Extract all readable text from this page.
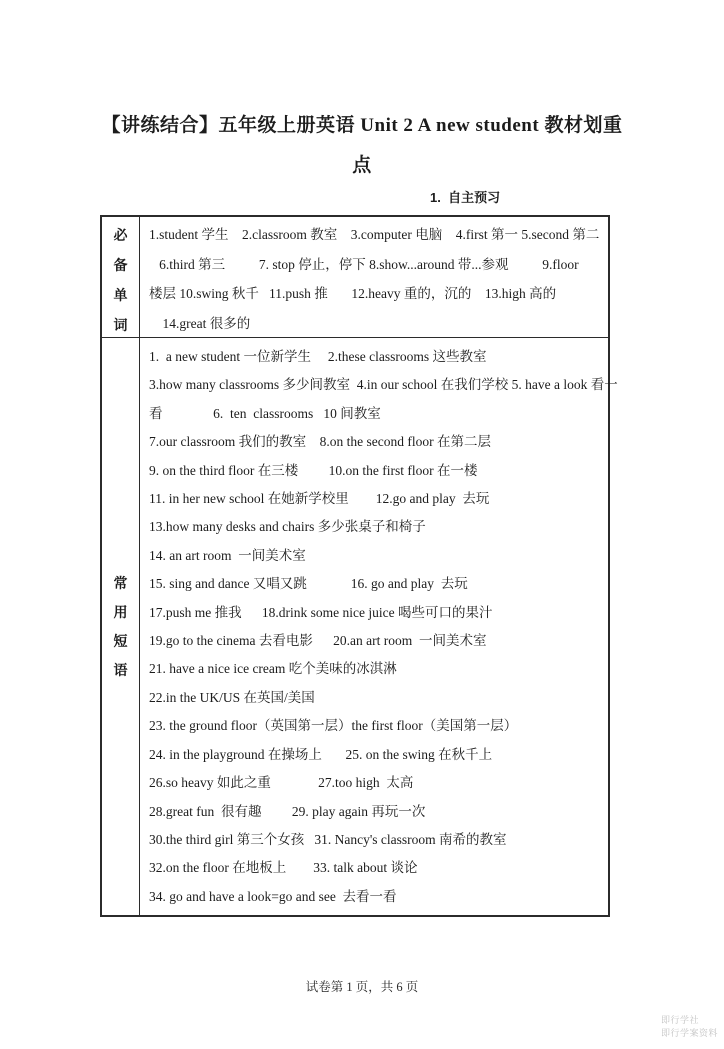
【讲练结合】五年级上册英语 Unit 2 A new student 教材划重
点
1.  自主预习
必
备
单
词
1.student 学生    2.classroom 教室    3.computer 电脑    4.first 第一 5.second 第二
6.third 第三          7. stop 停止，停下 8.show...around 带...参观          9.floor
楼层 10.swing 秋千   11.push 推       12.heavy 重的，沉的    13.high 高的
14.great 很多的
常
用
短
语
1.  a new student 一位新学生     2.these classrooms 这些教室
3.how many classrooms 多少间教室  4.in our school 在我们学校 5. have a look 看一
看               6.  ten  classrooms   10 间教室
7.our classroom 我们的教室    8.on the second floor 在第二层
9. on the third floor 在三楼         10.on the first floor 在一楼
11. in her new school 在她新学校里        12.go and play  去玩
13.how many desks and chairs 多少张桌子和椅子
14. an art room  一间美术室
15. sing and dance 又唱又跳             16. go and play  去玩
17.push me 推我      18.drink some nice juice 喝些可口的果汁
19.go to the cinema 去看电影      20.an art room  一间美术室
21. have a nice ice cream 吃个美味的冰淇淋
22.in the UK/US 在英国/美国
23. the ground floor（英国第一层）the first floor（美国第一层）
24. in the playground 在操场上       25. on the swing 在秋千上
26.so heavy 如此之重              27.too high  太高
28.great fun  很有趣         29. play again 再玩一次
30.the third girl 第三个女孩   31. Nancy's classroom 南希的教室
32.on the floor 在地板上        33. talk about 谈论
34. go and have a look=go and see  去看一看
试卷第 1 页，共 6 页

即行学社
即行学案资料
